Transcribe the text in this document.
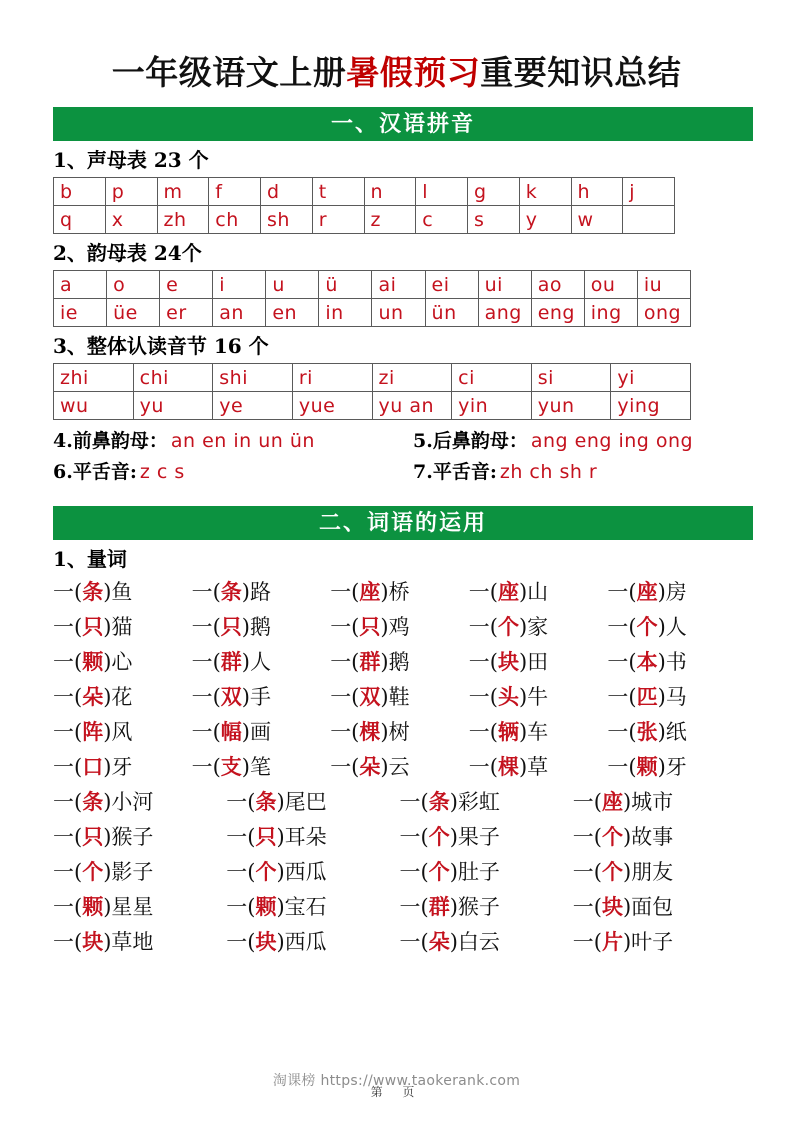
一年级语文上册暑假预习重要知识总结
一、汉语拼音
1、声母表 23 个
b	p	m	f	d	t	n	l	g	k	h	j
q	x	zh	ch	sh	r	z	c	s	y	w	
2、韵母表 24个
a	o	e	i	u	ü	ai	ei	ui	ao	ou	iu
ie	üe	er	an	en	in	un	ün	ang	eng	ing	ong
3、整体认读音节 16 个
zhi	chi	shi	ri	zi	ci	si	yi
wu	yu	ye	yue	yu an	yin	yun	ying
4.前鼻韵母： an en in un ün	5.后鼻韵母： ang eng ing ong
6.平舌音: z c s	7.平舌音: zh ch sh r
二、词语的运用
1、量词
一(条)鱼	一(条)路	一(座)桥	一(座)山	一(座)房
一(只)猫	一(只)鹅	一(只)鸡	一(个)家	一(个)人
一(颗)心	一(群)人	一(群)鹅	一(块)田	一(本)书
一(朵)花	一(双)手	一(双)鞋	一(头)牛	一(匹)马
一(阵)风	一(幅)画	一(棵)树	一(辆)车	一(张)纸
一(口)牙	一(支)笔	一(朵)云	一(棵)草	一(颗)牙
一(条)小河	一(条)尾巴	一(条)彩虹	一(座)城市
一(只)猴子	一(只)耳朵	一(个)果子	一(个)故事
一(个)影子	一(个)西瓜	一(个)肚子	一(个)朋友
一(颗)星星	一(颗)宝石	一(群)猴子	一(块)面包
一(块)草地	一(块)西瓜	一(朵)白云	一(片)叶子
淘课榜 https://www.taokerank.com
第 页
